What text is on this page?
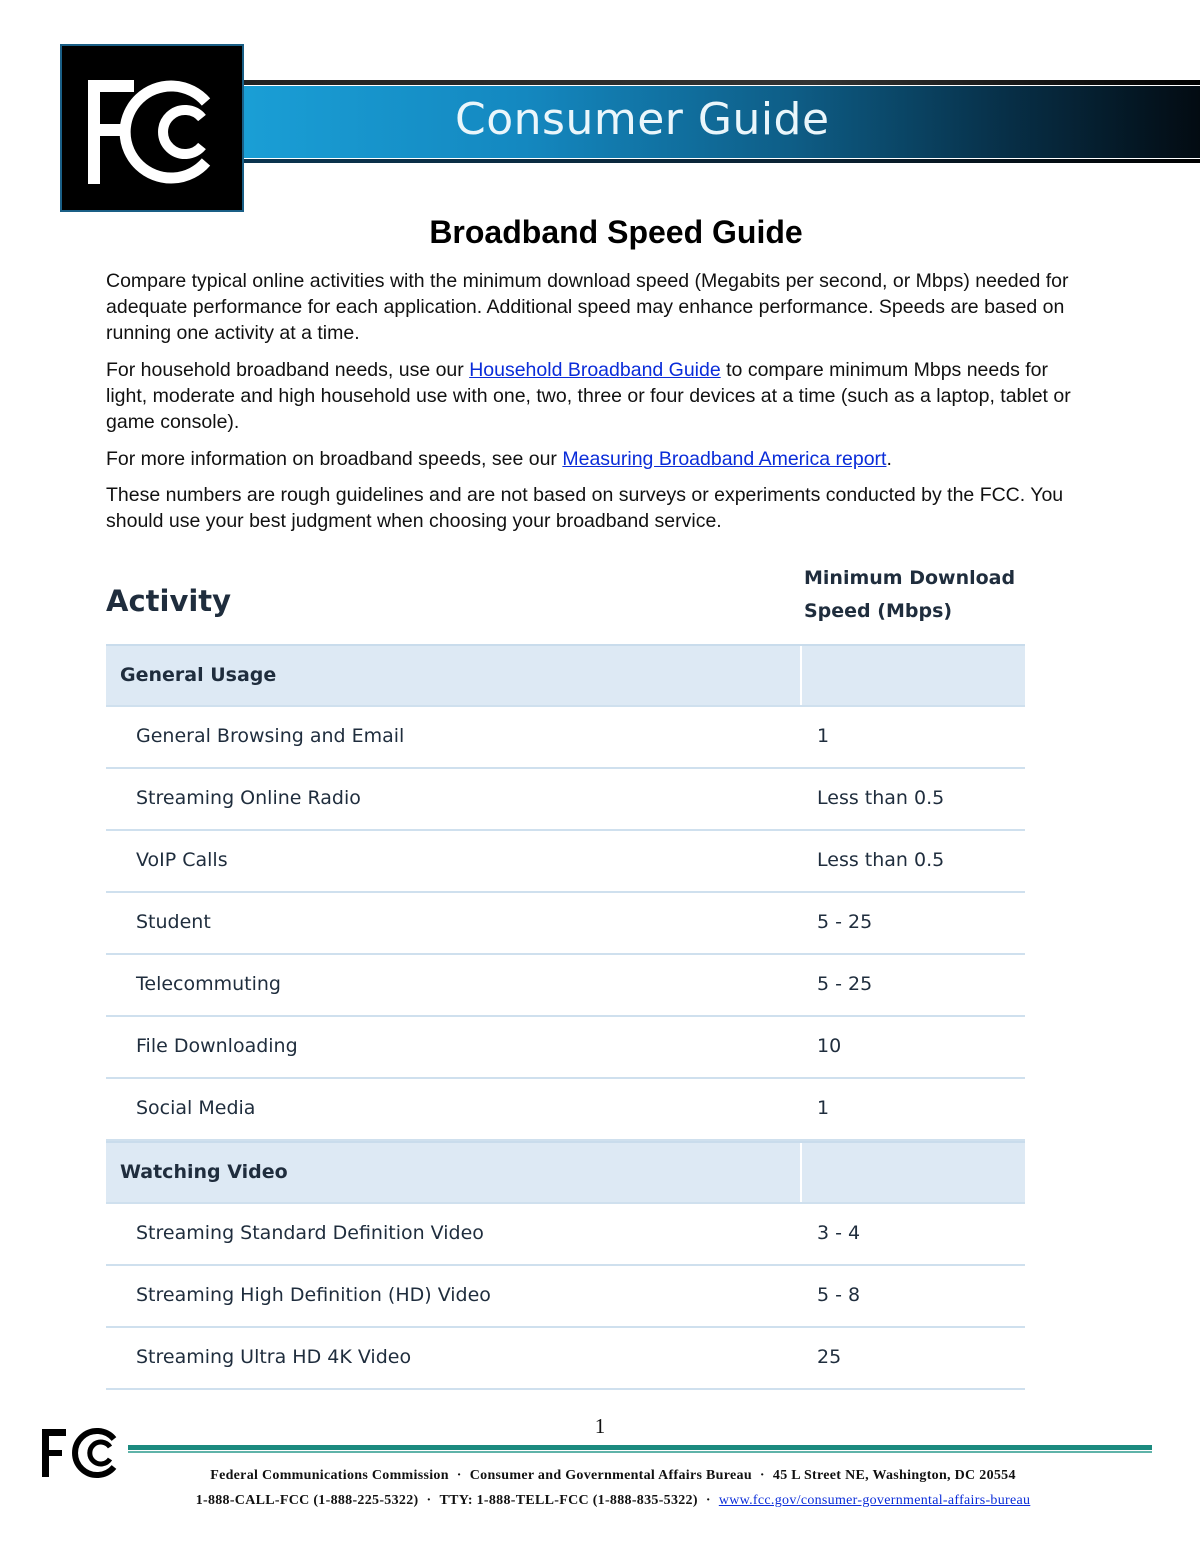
Consumer Guide
Broadband Speed Guide

Compare typical online activities with the minimum download speed (Megabits per second, or Mbps) needed for adequate performance for each application. Additional speed may enhance performance. Speeds are based on running one activity at a time.

For household broadband needs, use our Household Broadband Guide to compare minimum Mbps needs for light, moderate and high household use with one, two, three or four devices at a time (such as a laptop, tablet or game console).

For more information on broadband speeds, see our Measuring Broadband America report.

These numbers are rough guidelines and are not based on surveys or experiments conducted by the FCC. You should use your best judgment when choosing your broadband service.

Activity
Minimum Download
Speed (Mbps)
General Usage
General Browsing and Email	1
Streaming Online Radio	Less than 0.5
VoIP Calls	Less than 0.5
Student	5 - 25
Telecommuting	5 - 25
File Downloading	10
Social Media	1
Watching Video
Streaming Standard Definition Video	3 - 4
Streaming High Definition (HD) Video	5 - 8
Streaming Ultra HD 4K Video	25
1
Federal Communications Commission · Consumer and Governmental Affairs Bureau · 45 L Street NE, Washington, DC 20554
1-888-CALL-FCC (1-888-225-5322) · TTY: 1-888-TELL-FCC (1-888-835-5322) · www.fcc.gov/consumer-governmental-affairs-bureau
